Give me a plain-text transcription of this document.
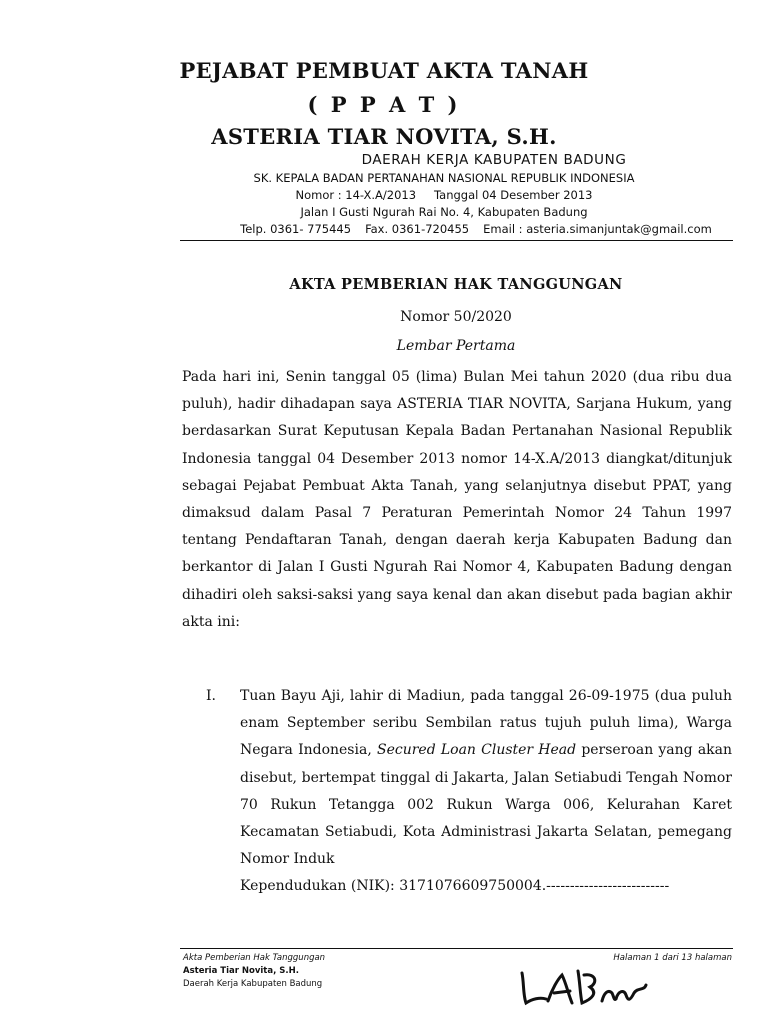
PEJABAT PEMBUAT AKTA TANAH
( P P A T )
ASTERIA TIAR NOVITA, S.H.
DAERAH KERJA KABUPATEN BADUNG
SK. KEPALA BADAN PERTANAHAN NASIONAL REPUBLIK INDONESIA
Nomor : 14-X.A/2013 Tanggal 04 Desember 2013
Jalan I Gusti Ngurah Rai No. 4, Kabupaten Badung
Telp. 0361- 775445 Fax. 0361-720455 Email : asteria.simanjuntak@gmail.com
AKTA PEMBERIAN HAK TANGGUNGAN
Nomor 50/2020
Lembar Pertama

Pada hari ini, Senin tanggal 05 (lima) Bulan Mei tahun 2020 (dua ribu dua puluh), hadir dihadapan saya ASTERIA TIAR NOVITA, Sarjana Hukum, yang berdasarkan Surat Keputusan Kepala Badan Pertanahan Nasional Republik Indonesia tanggal 04 Desember 2013 nomor 14-X.A/2013 diangkat/ditunjuk sebagai Pejabat Pembuat Akta Tanah, yang selanjutnya disebut PPAT, yang dimaksud dalam Pasal 7 Peraturan Pemerintah Nomor 24 Tahun 1997 tentang Pendaftaran Tanah, dengan daerah kerja Kabupaten Badung dan berkantor di Jalan I Gusti Ngurah Rai Nomor 4, Kabupaten Badung dengan dihadiri oleh saksi-saksi yang saya kenal dan akan disebut pada bagian akhir akta ini:

I. Tuan Bayu Aji, lahir di Madiun, pada tanggal 26-09-1975 (dua puluh enam September seribu Sembilan ratus tujuh puluh lima), Warga Negara Indonesia, Secured Loan Cluster Head perseroan yang akan disebut, bertempat tinggal di Jakarta, Jalan Setiabudi Tengah Nomor 70 Rukun Tetangga 002 Rukun Warga 006, Kelurahan Karet Kecamatan Setiabudi, Kota Administrasi Jakarta Selatan, pemegang Nomor Induk
Kependudukan (NIK): 3171076609750004.--------------------------
Akta Pemberian Hak Tanggungan
Asteria Tiar Novita, S.H.
Daerah Kerja Kabupaten Badung
Halaman 1 dari 13 halaman
